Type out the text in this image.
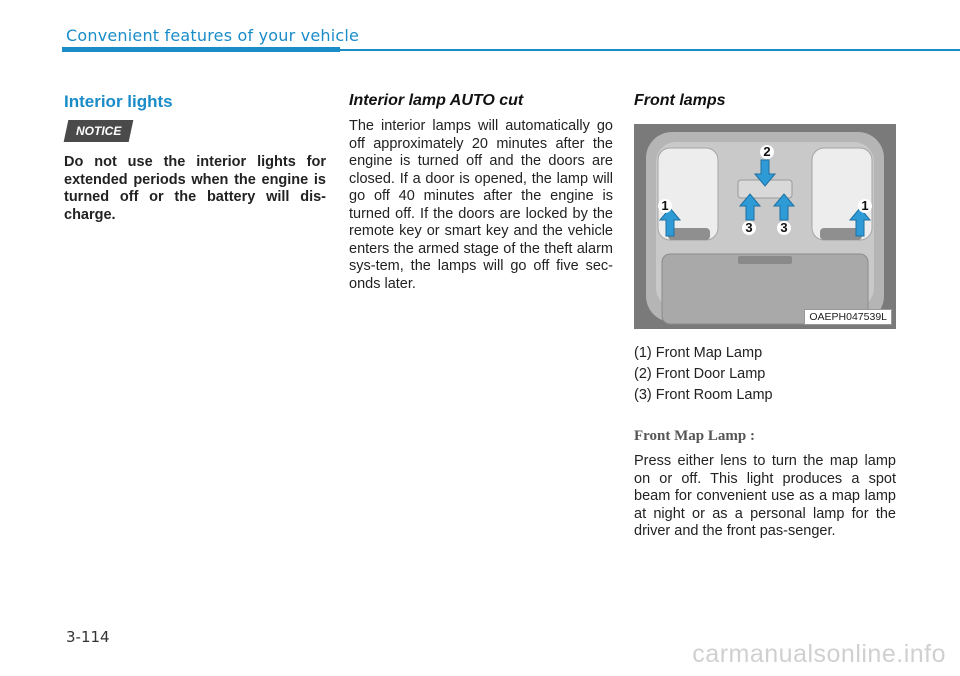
Convenient features of your vehicle
Interior lights
NOTICE

Do not use the interior lights for extended periods when the engine is turned off or the battery will dis-charge.

Interior lamp AUTO cut

The interior lamps will automatically go off approximately 20 minutes after the engine is turned off and the doors are closed. If a door is opened, the lamp will go off 40 minutes after the engine is turned off. If the doors are locked by the remote key or smart key and the vehicle enters the armed stage of the theft alarm sys-tem, the lamps will go off five sec-onds later.

Front lamps
1
2
3 3
1
OAEPH047539L
(1) Front Map Lamp
(2) Front Door Lamp
(3) Front Room Lamp
Front Map Lamp :

Press either lens to turn the map lamp on or off. This light produces a spot beam for convenient use as a map lamp at night or as a personal lamp for the driver and the front pas-senger.

3-114
carmanualsonline.info
